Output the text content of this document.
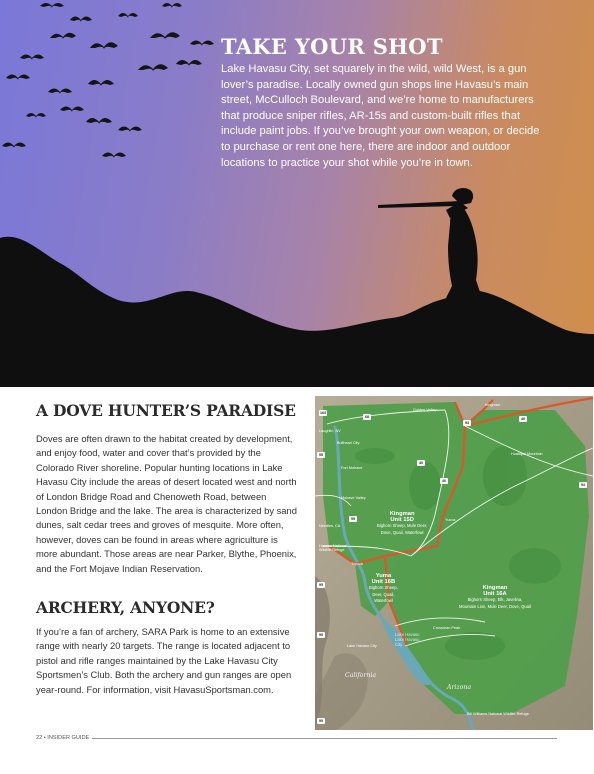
TAKE YOUR SHOT

Lake Havasu City, set squarely in the wild, wild West, is a gun lover’s paradise. Locally owned gun shops line Havasu’s main street, McCulloch Boulevard, and we’re home to manufacturers that produce sniper rifles, AR-15s and custom-built rifles that include paint jobs. If you’ve brought your own weapon, or decide to purchase or rent one here, there are indoor and outdoor locations to practice your shot while you’re in town.

A DOVE HUNTER’S PARADISE

Doves are often drawn to the habitat created by development, and enjoy food, water and cover that’s provided by the Colorado River shoreline. Popular hunting locations in Lake Havasu City include the areas of desert located west and north of London Bridge Road and Chenoweth Road, between London Bridge and the lake. The area is characterized by sand dunes, salt cedar trees and groves of mesquite. More often, however, doves can be found in areas where agriculture is more abundant. Those areas are near Parker, Blythe, Phoenix, and the Fort Mojave Indian Reservation.

ARCHERY, ANYONE?

If you’re a fan of archery, SARA Park is home to an extensive range with nearly 20 targets. The range is located adjacent to pistol and rifle ranges maintained by the Lake Havasu City Sportsmen’s Club. Both the archery and gun ranges are open year-round. For information, visit HavasuSportsman.com.

163
68
93
40
40
40
95
93
95
95
95
95
Golden Valley
Kingman
Laughlin, NV
Bullhead City
Fort Mohave
Mohave Valley
Needles, CA
Topock
Yucca
Hualapai Mountain
Havasu National Wildlife Refuge
Crossman Peak
Lake Havasu City
Bill Williams National Wildlife Refuge
Lake Havasu
Lake Havasu City
Kingman
Unit 15D
Bighorn Sheep, Mule Deer,
Dove, Quail, Waterfowl
Yuma
Unit 16B
Bighorn Sheep,
Deer, Quail,
Waterfowl
Kingman
Unit 16A
Bighorn Sheep, Elk, Javelina,
Mountain Lion, Mule Deer, Dove, Quail
California
Arizona
22 • INSIDER GUIDE
